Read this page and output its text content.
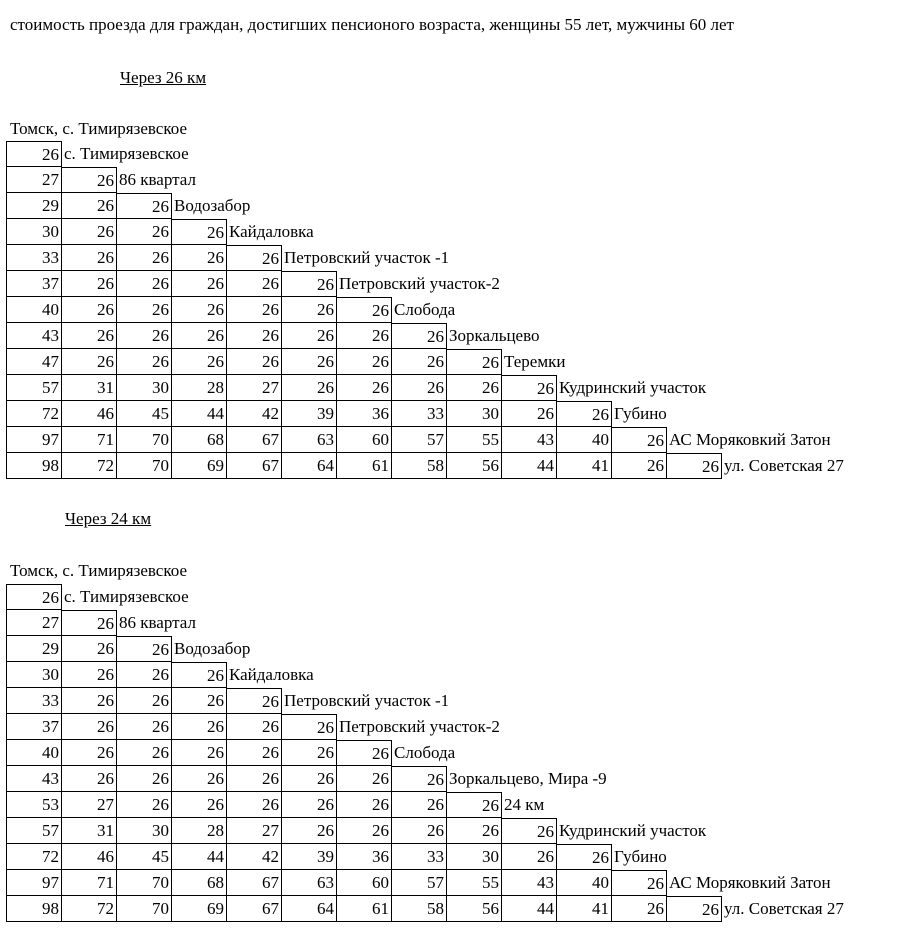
стоимость проезда для граждан, достигших пенсионого возраста, женщины 55 лет, мужчины 60 лет
Через 26 км
Томск, с. Тимирязевское
26 с. Тимирязевское
27	26 86 квартал
29	26	26 Водозабор
30	26	26	26 Кайдаловка
33	26	26	26	26 Петровский участок -1
37	26	26	26	26	26 Петровский участок-2
40	26	26	26	26	26	26 Слобода
43	26	26	26	26	26	26	26 Зоркальцево
47	26	26	26	26	26	26	26	26 Теремки
57	31	30	28	27	26	26	26	26	26 Кудринский участок
72	46	45	44	42	39	36	33	30	26	26 Губино
97	71	70	68	67	63	60	57	55	43	40	26 АС Моряковкий Затон
98	72	70	69	67	64	61	58	56	44	41	26	26 ул. Советская 27
Через 24 км
Томск, с. Тимирязевское
26 с. Тимирязевское
27	26 86 квартал
29	26	26 Водозабор
30	26	26	26 Кайдаловка
33	26	26	26	26 Петровский участок -1
37	26	26	26	26	26 Петровский участок-2
40	26	26	26	26	26	26 Слобода
43	26	26	26	26	26	26	26 Зоркальцево, Мира -9
53	27	26	26	26	26	26	26	26 24 км
57	31	30	28	27	26	26	26	26	26 Кудринский участок
72	46	45	44	42	39	36	33	30	26	26 Губино
97	71	70	68	67	63	60	57	55	43	40	26 АС Моряковкий Затон
98	72	70	69	67	64	61	58	56	44	41	26	26 ул. Советская 27
